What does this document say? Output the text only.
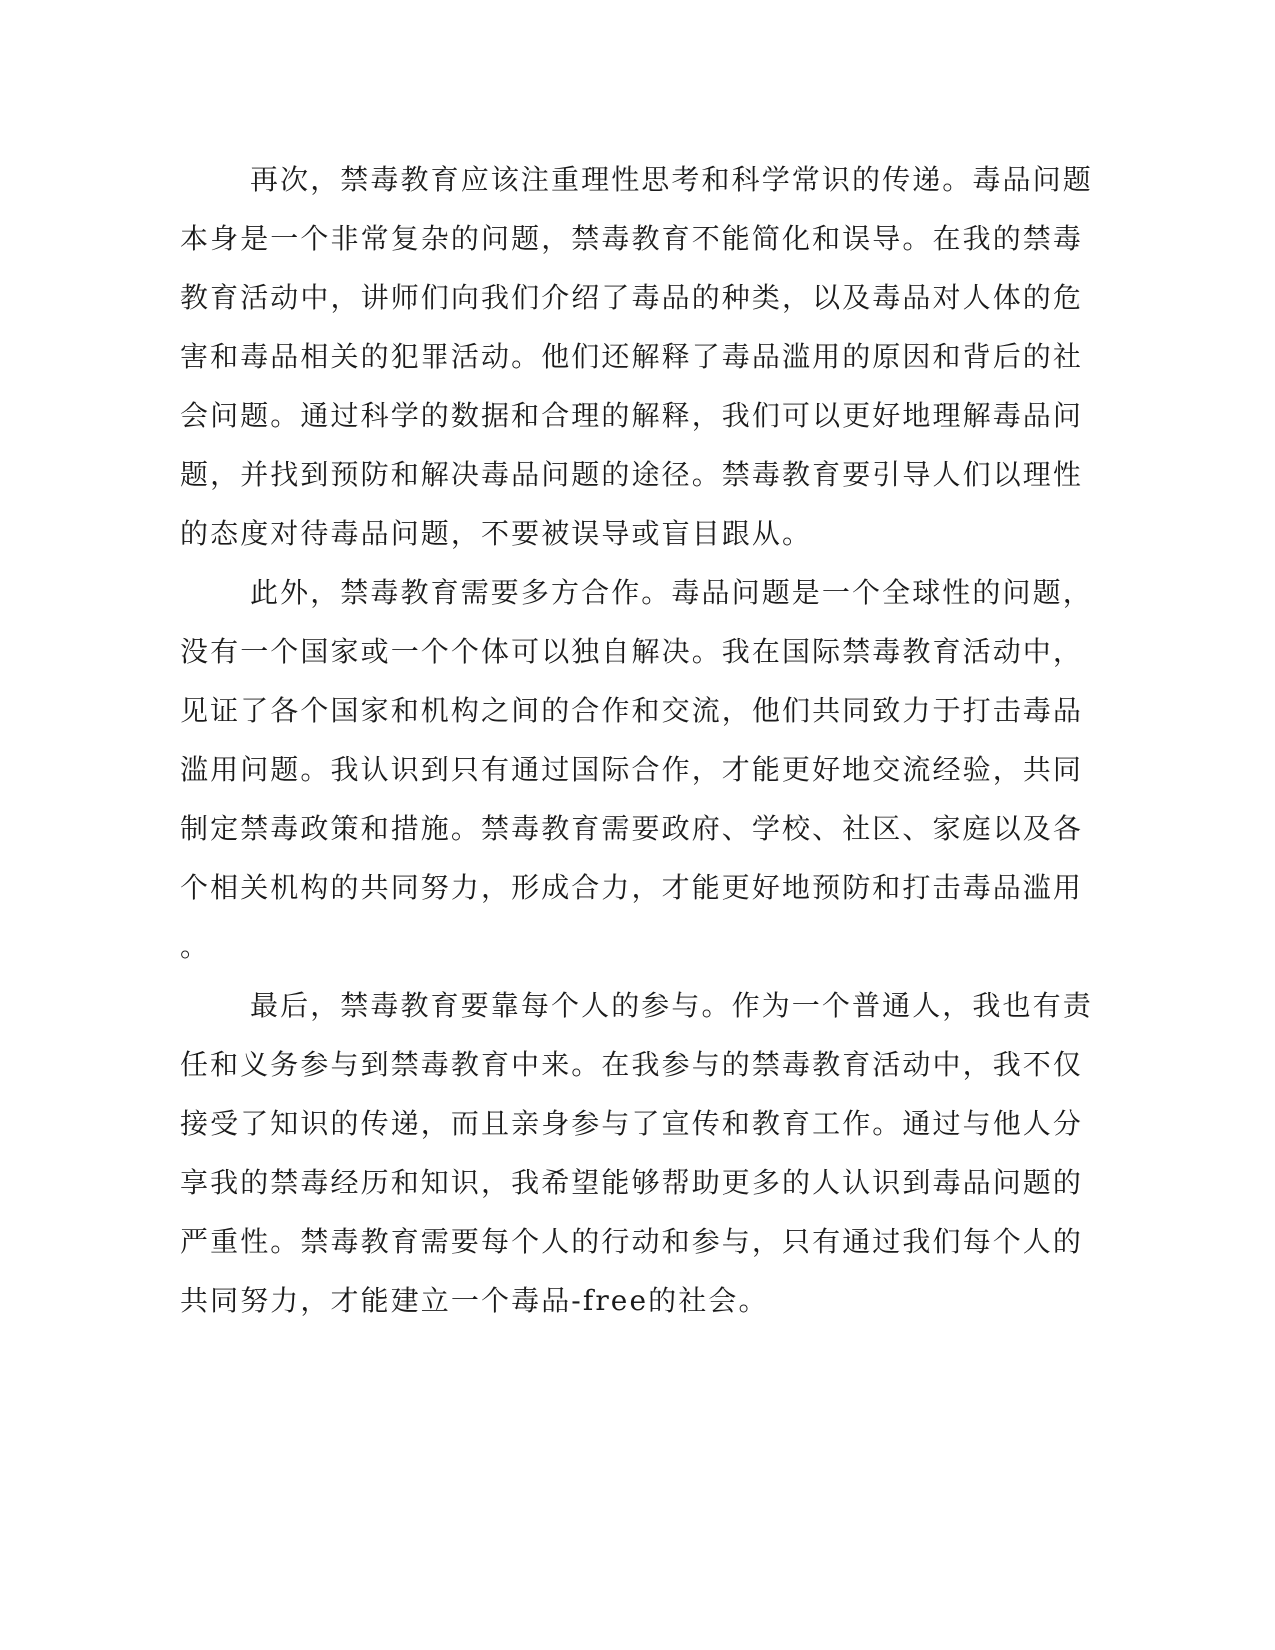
再次，禁毒教育应该注重理性思考和科学常识的传递。毒品问题
本身是一个非常复杂的问题，禁毒教育不能简化和误导。在我的禁毒
教育活动中，讲师们向我们介绍了毒品的种类，以及毒品对人体的危
害和毒品相关的犯罪活动。他们还解释了毒品滥用的原因和背后的社
会问题。通过科学的数据和合理的解释，我们可以更好地理解毒品问
题，并找到预防和解决毒品问题的途径。禁毒教育要引导人们以理性
的态度对待毒品问题，不要被误导或盲目跟从。
此外，禁毒教育需要多方合作。毒品问题是一个全球性的问题，
没有一个国家或一个个体可以独自解决。我在国际禁毒教育活动中，
见证了各个国家和机构之间的合作和交流，他们共同致力于打击毒品
滥用问题。我认识到只有通过国际合作，才能更好地交流经验，共同
制定禁毒政策和措施。禁毒教育需要政府、学校、社区、家庭以及各
个相关机构的共同努力，形成合力，才能更好地预防和打击毒品滥用
。
最后，禁毒教育要靠每个人的参与。作为一个普通人，我也有责
任和义务参与到禁毒教育中来。在我参与的禁毒教育活动中，我不仅
接受了知识的传递，而且亲身参与了宣传和教育工作。通过与他人分
享我的禁毒经历和知识，我希望能够帮助更多的人认识到毒品问题的
严重性。禁毒教育需要每个人的行动和参与，只有通过我们每个人的
共同努力，才能建立一个毒品-free的社会。
